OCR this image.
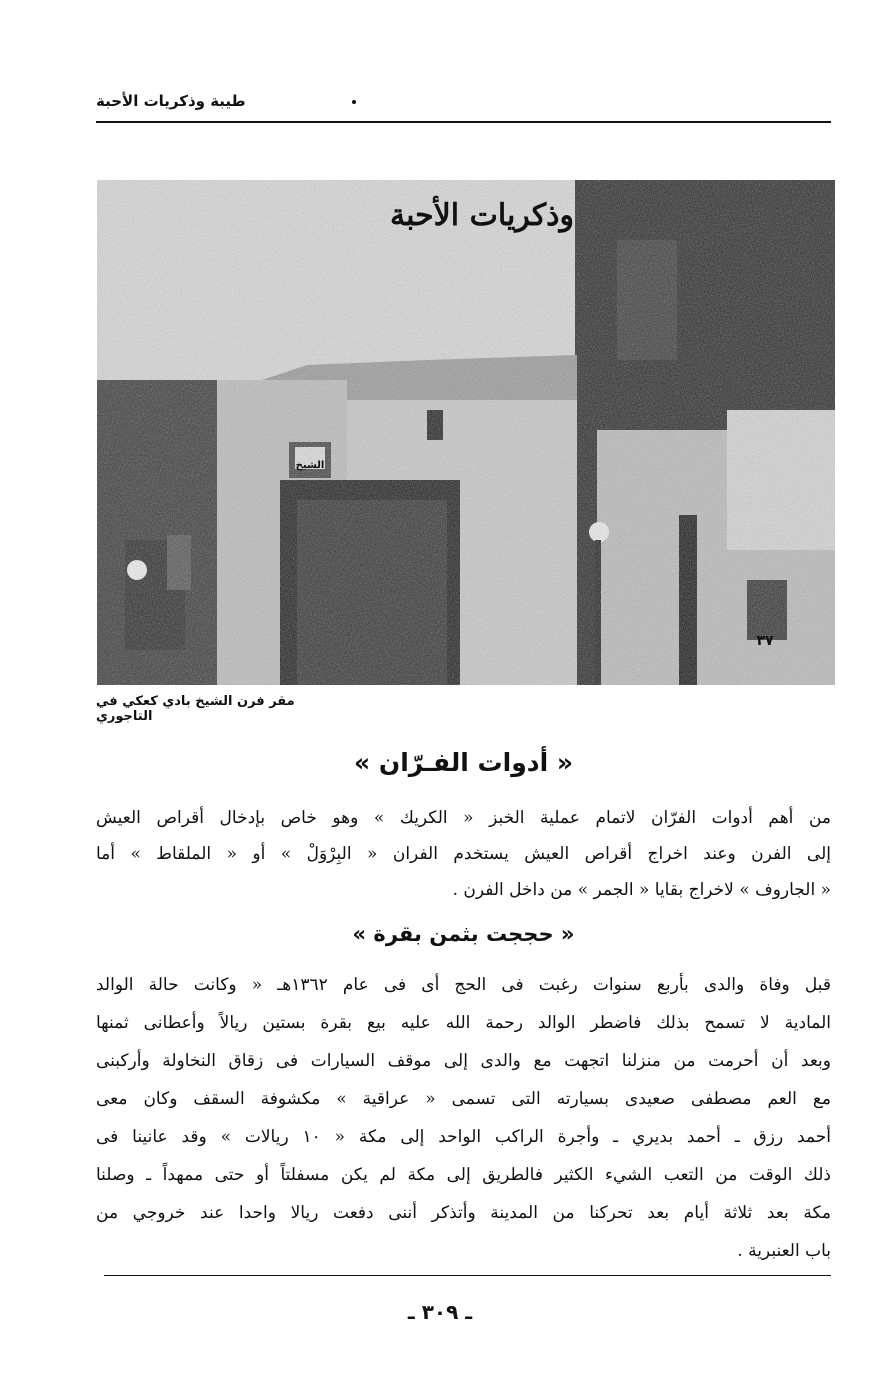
طيبة وذكريات الأحبة
وذكريات الأحبة
الشيخ
٣٧
مقر فرن الشيخ بادي كعكي في التاجوري
« أدوات الفـرّان »
من أهم أدوات الفرّان لاتمام عملية الخبز « الكريك » وهو خاص بإدخال أقراص العيش
إلى الفرن وعند اخراج أقراص العيش يستخدم الفران « البِرْوَلْ » أو « الملقاط » أما
« الجاروف » لاخراج بقايا « الجمر » من داخل الفرن .
« حججت بثمن بقرة »
قبل وفاة والدى بأربع سنوات رغبت فى الحج أى فى عام ١٣٦٢هـ « وكانت حالة الوالد
المادية لا تسمح بذلك فاضطر الوالد رحمة الله عليه بيع بقرة بستين ريالاً وأعطانى ثمنها
وبعد أن أحرمت من منزلنا اتجهت مع والدى إلى موقف السيارات فى زقاق النخاولة وأركبنى
مع العم مصطفى صعيدى بسيارته التى تسمى « عراقية » مكشوفة السقف وكان معى
أحمد رزق ـ أحمد بديري ـ وأجرة الراكب الواحد إلى مكة « ١٠ ريالات » وقد عانينا فى
ذلك الوقت من التعب الشيء الكثير فالطريق إلى مكة لم يكن مسفلتاً أو حتى ممهداً ـ وصلنا
مكة بعد ثلاثة أيام بعد تحركنا من المدينة وأتذكر أننى دفعت ريالا واحدا عند خروجي من
باب العنبرية .
ـ ٣٠٩ ـ
